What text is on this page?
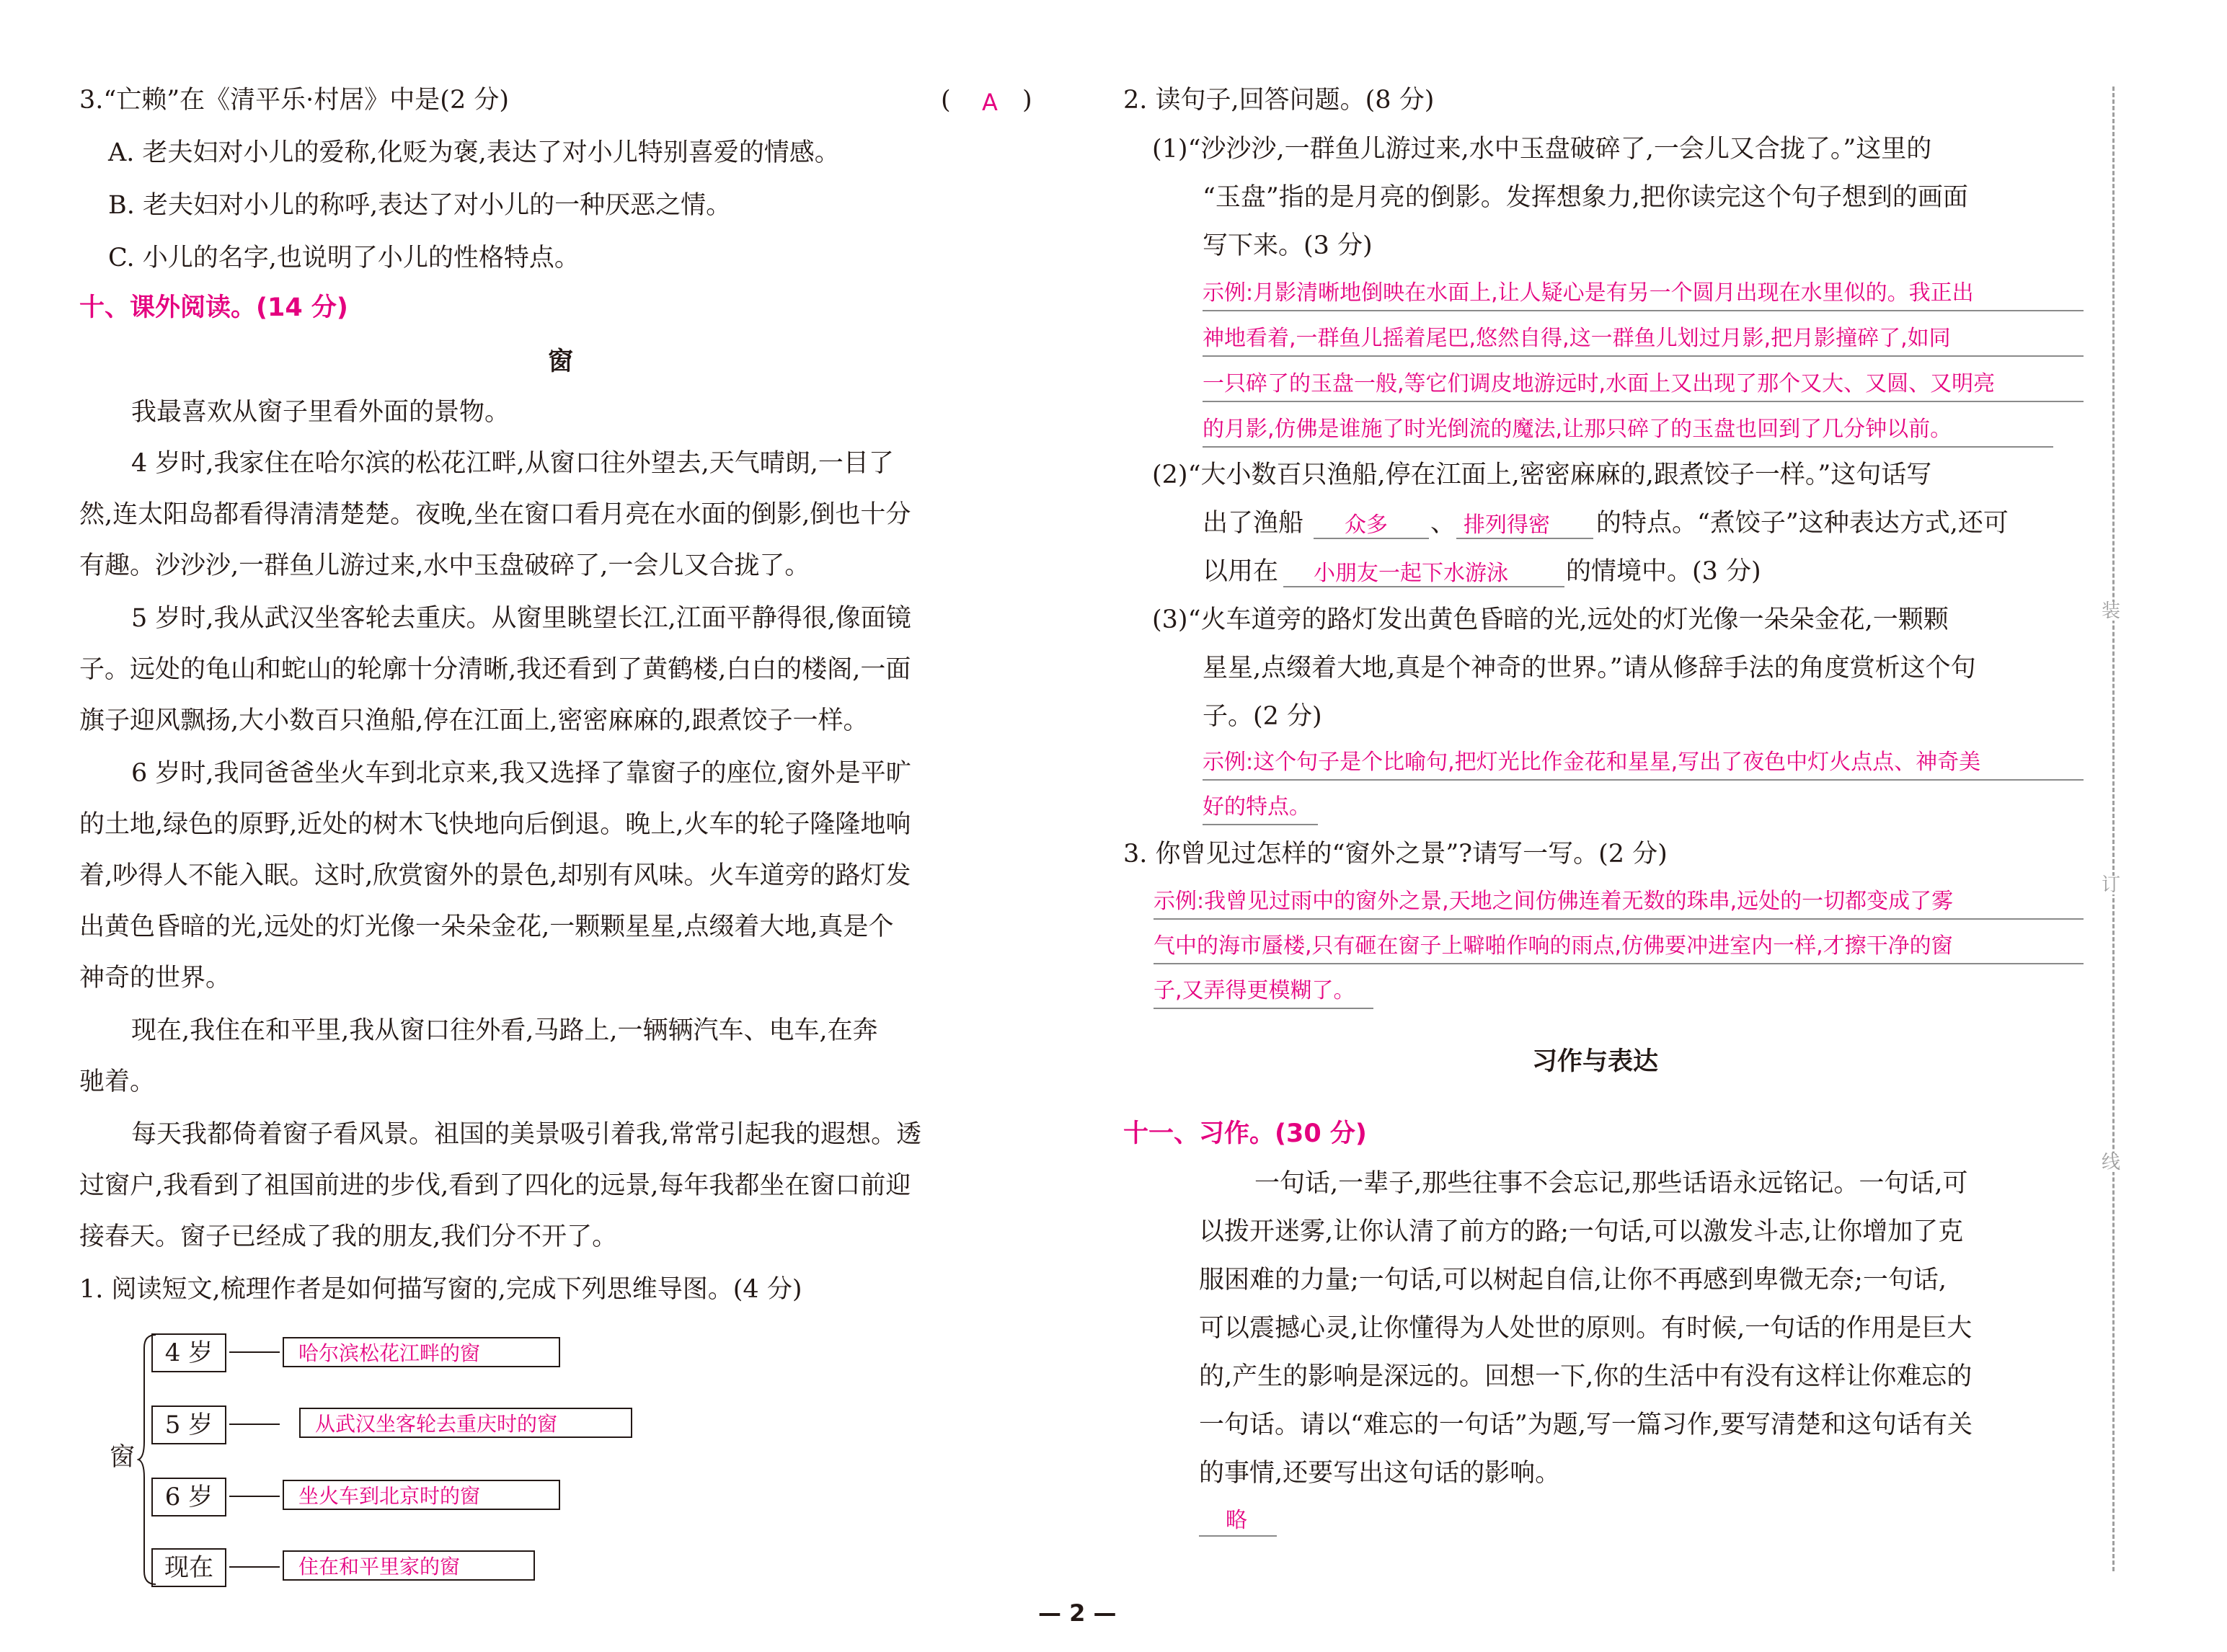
3.“亡赖”在《清平乐·村居》中是(2 分)	( A )
A. 老夫妇对小儿的爱称,化贬为褒,表达了对小儿特别喜爱的情感。
B. 老夫妇对小儿的称呼,表达了对小儿的一种厌恶之情。
C. 小儿的名字,也说明了小儿的性格特点。
十、课外阅读。(14 分)
窗
我最喜欢从窗子里看外面的景物。
4 岁时,我家住在哈尔滨的松花江畔,从窗口往外望去,天气晴朗,一目了
然,连太阳岛都看得清清楚楚。夜晚,坐在窗口看月亮在水面的倒影,倒也十分
有趣。沙沙沙,一群鱼儿游过来,水中玉盘破碎了,一会儿又合拢了。
5 岁时,我从武汉坐客轮去重庆。从窗里眺望长江,江面平静得很,像面镜
子。远处的龟山和蛇山的轮廓十分清晰,我还看到了黄鹤楼,白白的楼阁,一面
旗子迎风飘扬,大小数百只渔船,停在江面上,密密麻麻的,跟煮饺子一样。
6 岁时,我同爸爸坐火车到北京来,我又选择了靠窗子的座位,窗外是平旷
的土地,绿色的原野,近处的树木飞快地向后倒退。晚上,火车的轮子隆隆地响
着,吵得人不能入眠。这时,欣赏窗外的景色,却别有风味。火车道旁的路灯发
出黄色昏暗的光,远处的灯光像一朵朵金花,一颗颗星星,点缀着大地,真是个
神奇的世界。
现在,我住在和平里,我从窗口往外看,马路上,一辆辆汽车、电车,在奔
驰着。
每天我都倚着窗子看风景。祖国的美景吸引着我,常常引起我的遐想。透
过窗户,我看到了祖国前进的步伐,看到了四化的远景,每年我都坐在窗口前迎
接春天。窗子已经成了我的朋友,我们分不开了。
1. 阅读短文,梳理作者是如何描写窗的,完成下列思维导图。(4 分)
窗
4 岁	哈尔滨松花江畔的窗
5 岁	从武汉坐客轮去重庆时的窗
6 岁	坐火车到北京时的窗
现在	住在和平里家的窗
2. 读句子,回答问题。(8 分)
(1)“沙沙沙,一群鱼儿游过来,水中玉盘破碎了,一会儿又合拢了。”这里的
“玉盘”指的是月亮的倒影。发挥想象力,把你读完这个句子想到的画面
写下来。(3 分)
示例:月影清晰地倒映在水面上,让人疑心是有另一个圆月出现在水里似的。我正出
神地看着,一群鱼儿摇着尾巴,悠然自得,这一群鱼儿划过月影,把月影撞碎了,如同
一只碎了的玉盘一般,等它们调皮地游远时,水面上又出现了那个又大、又圆、又明亮
的月影,仿佛是谁施了时光倒流的魔法,让那只碎了的玉盘也回到了几分钟以前。
(2)“大小数百只渔船,停在江面上,密密麻麻的,跟煮饺子一样。”这句话写
出了渔船 众多 、 排列得密 的特点。“煮饺子”这种表达方式,还可
以用在 小朋友一起下水游泳 的情境中。(3 分)
(3)“火车道旁的路灯发出黄色昏暗的光,远处的灯光像一朵朵金花,一颗颗
星星,点缀着大地,真是个神奇的世界。”请从修辞手法的角度赏析这个句
子。(2 分)
示例:这个句子是个比喻句,把灯光比作金花和星星,写出了夜色中灯火点点、神奇美
好的特点。
3. 你曾见过怎样的“窗外之景”?请写一写。(2 分)
示例:我曾见过雨中的窗外之景,天地之间仿佛连着无数的珠串,远处的一切都变成了雾
气中的海市蜃楼,只有砸在窗子上噼啪作响的雨点,仿佛要冲进室内一样,才擦干净的窗
子,又弄得更模糊了。
习作与表达
十一、习作。(30 分)
一句话,一辈子,那些往事不会忘记,那些话语永远铭记。一句话,可
以拨开迷雾,让你认清了前方的路;一句话,可以激发斗志,让你增加了克
服困难的力量;一句话,可以树起自信,让你不再感到卑微无奈;一句话,
可以震撼心灵,让你懂得为人处世的原则。有时候,一句话的作用是巨大
的,产生的影响是深远的。回想一下,你的生活中有没有这样让你难忘的
一句话。请以“难忘的一句话”为题,写一篇习作,要写清楚和这句话有关
的事情,还要写出这句话的影响。
略
装
订
线
— 2 —
